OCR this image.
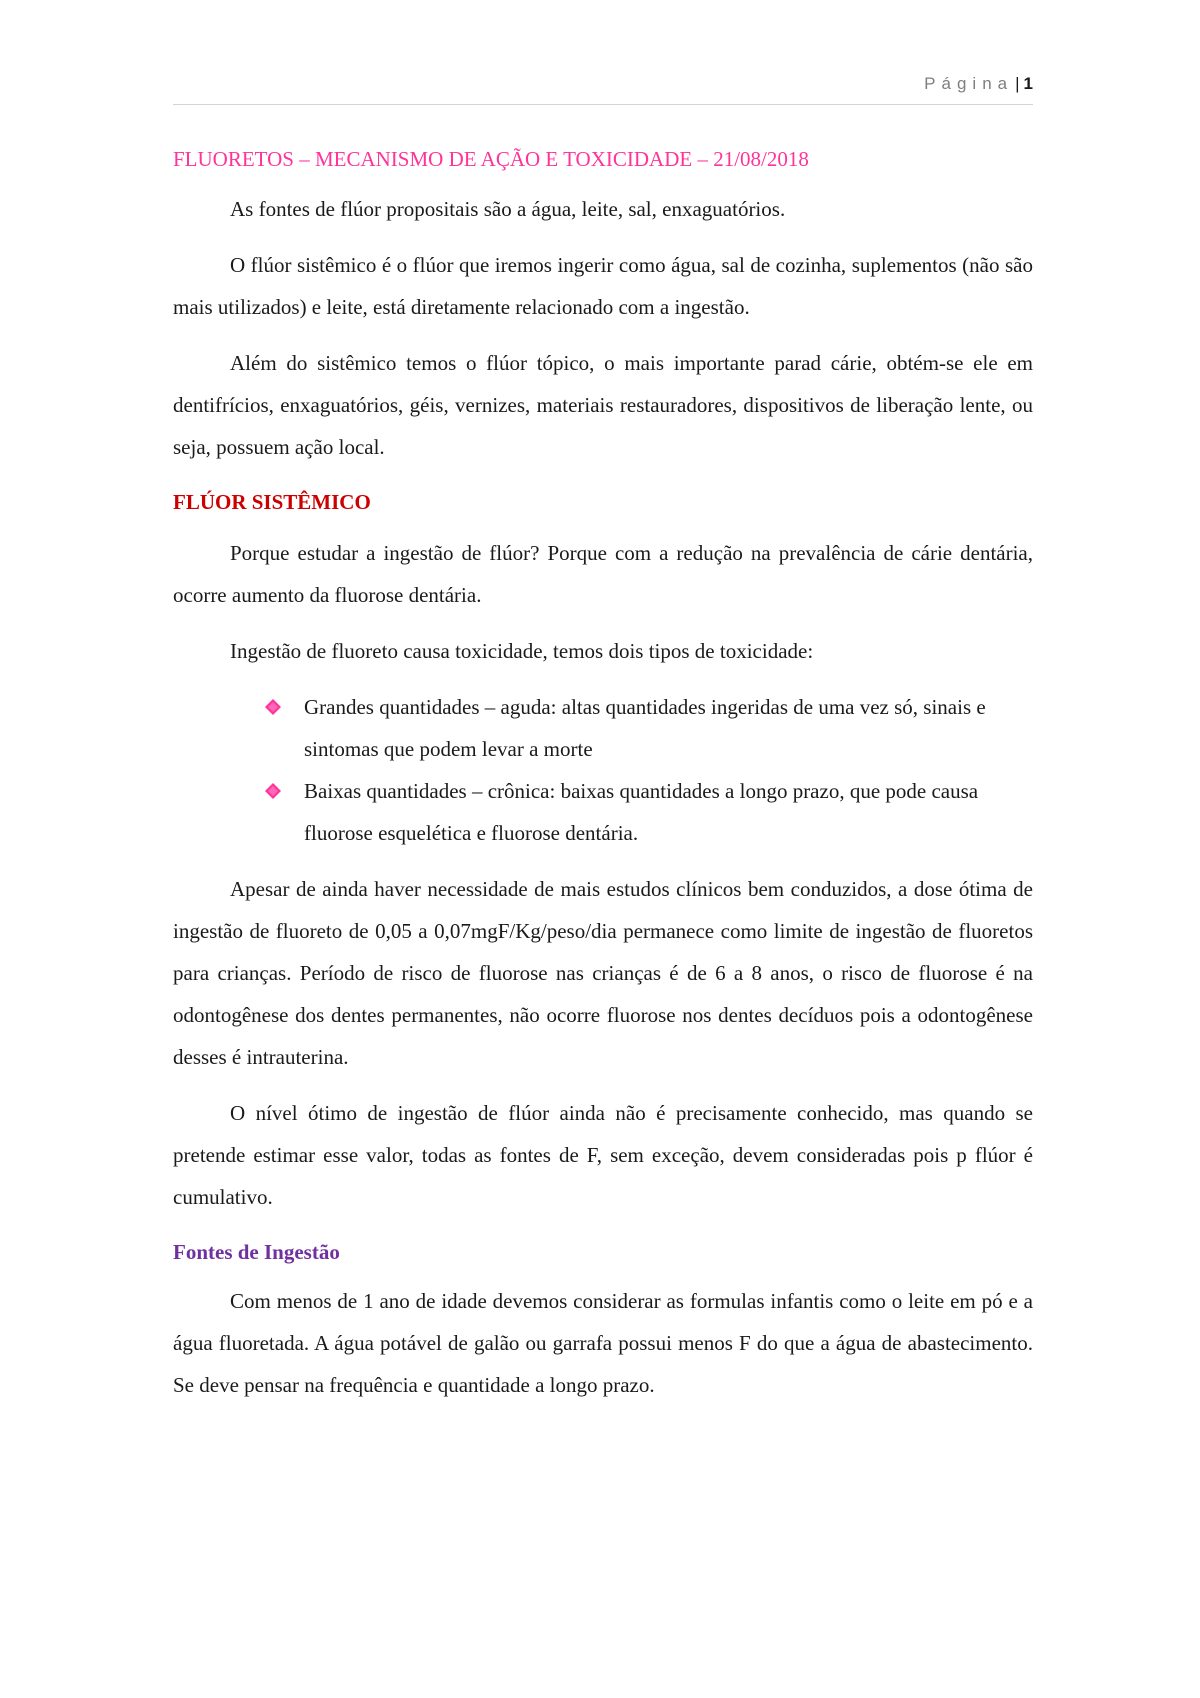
Página | 1
FLUORETOS – MECANISMO DE AÇÃO E TOXICIDADE – 21/08/2018

As fontes de flúor propositais são a água, leite, sal, enxaguatórios.

O flúor sistêmico é o flúor que iremos ingerir como água, sal de cozinha, suplementos (não são mais utilizados) e leite, está diretamente relacionado com a ingestão.

Além do sistêmico temos o flúor tópico, o mais importante parad cárie, obtém-se ele em dentifrícios, enxaguatórios, géis, vernizes, materiais restauradores, dispositivos de liberação lente, ou seja, possuem ação local.

FLÚOR SISTÊMICO

Porque estudar a ingestão de flúor? Porque com a redução na prevalência de cárie dentária, ocorre aumento da fluorose dentária.

Ingestão de fluoreto causa toxicidade, temos dois tipos de toxicidade:

Grandes quantidades – aguda: altas quantidades ingeridas de uma vez só, sinais e sintomas que podem levar a morte
Baixas quantidades – crônica: baixas quantidades a longo prazo, que pode causa fluorose esquelética e fluorose dentária.

Apesar de ainda haver necessidade de mais estudos clínicos bem conduzidos, a dose ótima de ingestão de fluoreto de 0,05 a 0,07mgF/Kg/peso/dia permanece como limite de ingestão de fluoretos para crianças. Período de risco de fluorose nas crianças é de 6 a 8 anos, o risco de fluorose é na odontogênese dos dentes permanentes, não ocorre fluorose nos dentes decíduos pois a odontogênese desses é intrauterina.

O nível ótimo de ingestão de flúor ainda não é precisamente conhecido, mas quando se pretende estimar esse valor, todas as fontes de F, sem exceção, devem consideradas pois p flúor é cumulativo.

Fontes de Ingestão

Com menos de 1 ano de idade devemos considerar as formulas infantis como o leite em pó e a água fluoretada. A água potável de galão ou garrafa possui menos F do que a água de abastecimento. Se deve pensar na frequência e quantidade a longo prazo.
